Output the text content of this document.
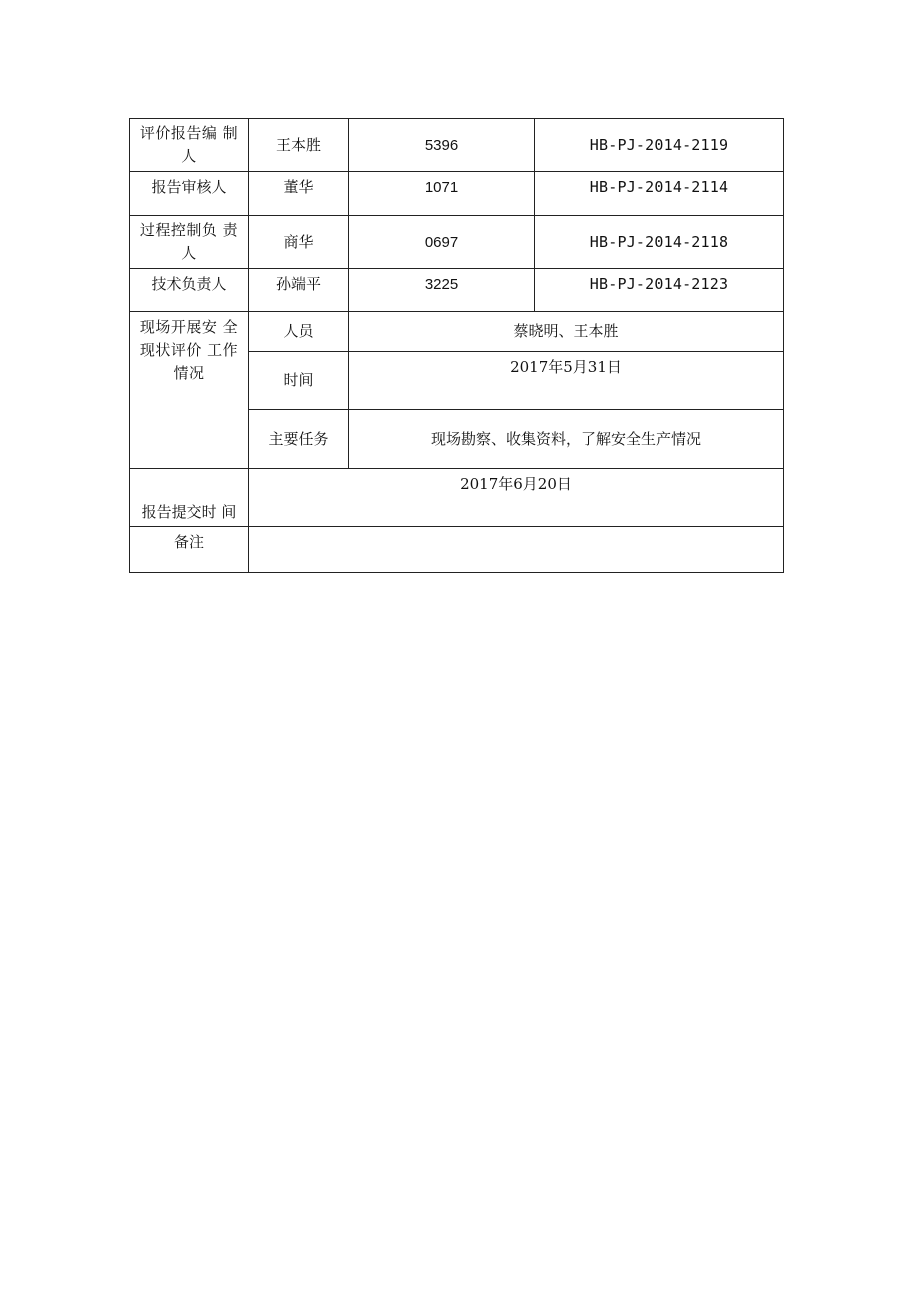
评价报告编 制人	王本胜	5396	HB-PJ-2014-2119
报告审核人	董华	1071	HB-PJ-2014-2114
过程控制负 责人	商华	0697	HB-PJ-2014-2118
技术负责人	孙端平	3225	HB-PJ-2014-2123
现场开展安 全现状评价 工作情况	人员	蔡晓明、王本胜	
	时间	2017年5月31日	
	主要任务	现场勘察、收集资料，了解安全生产情况	
报告提交时 间	2017年6月20日		
备注			
